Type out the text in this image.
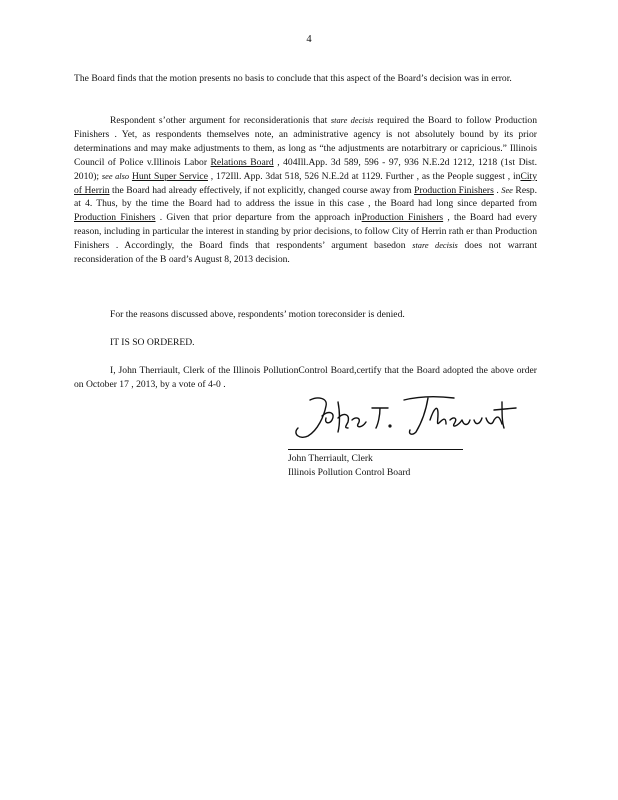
4
The Board finds that the motion presents no basis to conclude that this aspect of the Board’s decision was in error.
Respondent s’other argument for reconsiderationis that stare decisis required the Board to follow Production Finishers . Yet, as respondents themselves note, an administrative agency is not absolutely bound by its prior determinations and may make adjustments to them, as long as “the adjustments are notarbitrary or capricious.” Illinois Council of Police v.Illinois Labor Relations Board , 404Ill.App. 3d 589, 596 - 97, 936 N.E.2d 1212, 1218 (1st Dist. 2010); see also Hunt Super Service , 172Ill. App. 3dat 518, 526 N.E.2d at 1129. Further , as the People suggest , inCity of Herrin the Board had already effectively, if not explicitly, changed course away from Production Finishers . See Resp. at 4. Thus, by the time the Board had to address the issue in this case , the Board had long since departed from Production Finishers . Given that prior departure from the approach inProduction Finishers , the Board had every reason, including in particular the interest in standing by prior decisions, to follow City of Herrin rath er than Production Finishers . Accordingly, the Board finds that respondents’ argument basedon stare decisis does not warrant reconsideration of the B oard’s August 8, 2013 decision.
For the reasons discussed above, respondents’ motion toreconsider is denied.
IT IS SO ORDERED.
I, John Therriault, Clerk of the Illinois PollutionControl Board,certify that the Board adopted the above order on October 17 , 2013, by a vote of 4-0 .
John Therriault, Clerk
Illinois Pollution Control Board
